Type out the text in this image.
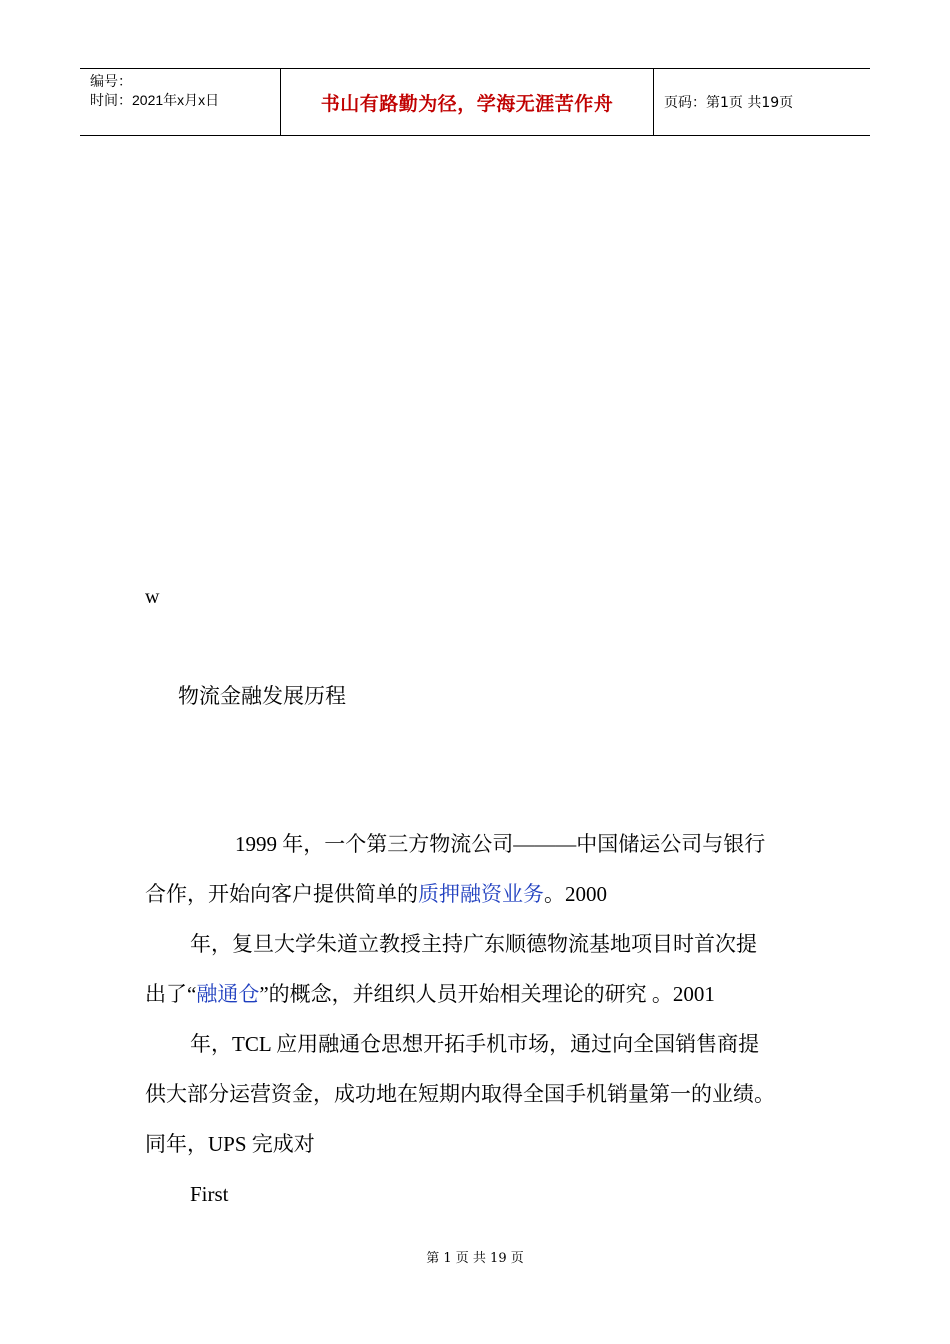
编号：
时间：2021年x月x日	书山有路勤为径，学海无涯苦作舟	页码：第1页 共19页
w
物流金融发展历程
1999 年，一个第三方物流公司———中国储运公司与银行
合作，开始向客户提供简单的质押融资业务。2000
年，复旦大学朱道立教授主持广东顺德物流基地项目时首次提
出了“融通仓”的概念，并组织人员开始相关理论的研究 。2001
年，TCL 应用融通仓思想开拓手机市场，通过向全国销售商提
供大部分运营资金，成功地在短期内取得全国手机销量第一的业绩。
同年，UPS 完成对
First
第 1 页 共 19 页
